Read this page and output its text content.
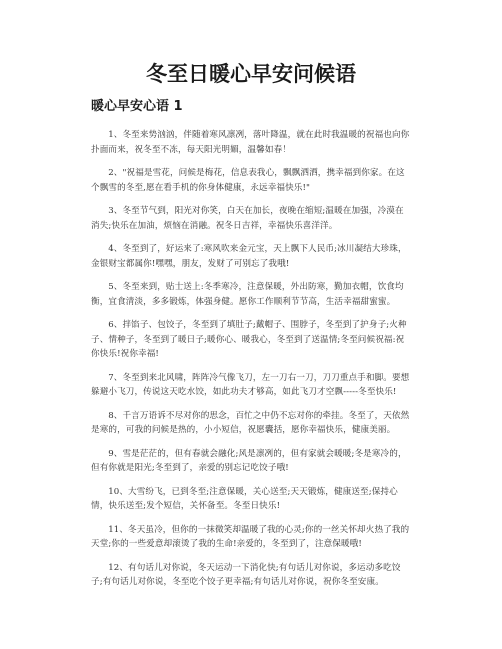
冬至日暖心早安问候语
暖心早安心语 1

1、冬至来势汹汹，伴随着寒风凛冽，落叶降温，就在此时我温暖的祝福也向你扑面而来，祝冬至不冻，每天阳光明媚，温馨如春！

2、"祝福是雪花，问候是梅花，信息表我心，飘飘洒洒，携幸福到你家。在这个飘雪的冬至,愿在看手机的你身体健康，永远幸福快乐!"

3、冬至节气到，阳光对你笑，白天在加长，夜晚在缩短;温暖在加强，冷漠在消失;快乐在加油，烦恼在消融。祝冬日吉祥，幸福快乐喜洋洋。

4、冬至到了，好运来了:寒风吹来金元宝，天上飘下人民币;冰川凝结大珍珠，金银财宝都属你!嘿嘿，朋友，发财了可别忘了我哦!

5、冬至来到，贴士送上:冬季寒冷，注意保暖，外出防寒，勤加衣帽，饮食均衡，宜食清淡，多多锻炼，体强身健。愿你工作顺利节节高，生活幸福甜蜜蜜。

6、拌馅子、包饺子，冬至到了填肚子;戴帽子、围脖子，冬至到了护身子;火种子、情种子，冬至到了暖日子;暖你心、暖我心，冬至到了送温情;冬至问候祝福:祝你快乐!祝你幸福!

7、冬至到来北风啸，阵阵冷气像飞刀，左一刀右一刀，刀刀重点手和脚。要想躲避小飞刀，传说这天吃水饺，如此功夫才够高，如此飞刀才空飘-----冬至快乐!

8、千言万语诉不尽对你的思念，百忙之中仍不忘对你的牵挂。冬至了，天依然是寒的，可我的问候是热的，小小短信，祝愿囊括，愿你幸福快乐，健康美丽。

9、雪是茫茫的，但有春就会融化;风是凛冽的，但有家就会暖暖;冬是寒冷的，但有你就是阳光;冬至到了，亲爱的别忘记吃饺子哦!

10、大雪纷飞，已到冬至;注意保暖，关心送至;天天锻炼，健康送至;保持心情，快乐送至;发个短信，关怀备至。冬至日快乐!

11、冬天虽冷，但你的一抹微笑却温暖了我的心灵;你的一丝关怀却火热了我的天堂;你的一些爱意却滚烫了我的生命!亲爱的，冬至到了，注意保暖哦!

12、有句话儿对你说，冬天运动一下消化快;有句话儿对你说，多运动多吃饺子;有句话儿对你说，冬至吃个饺子更幸福;有句话儿对你说，祝你冬至安康。
